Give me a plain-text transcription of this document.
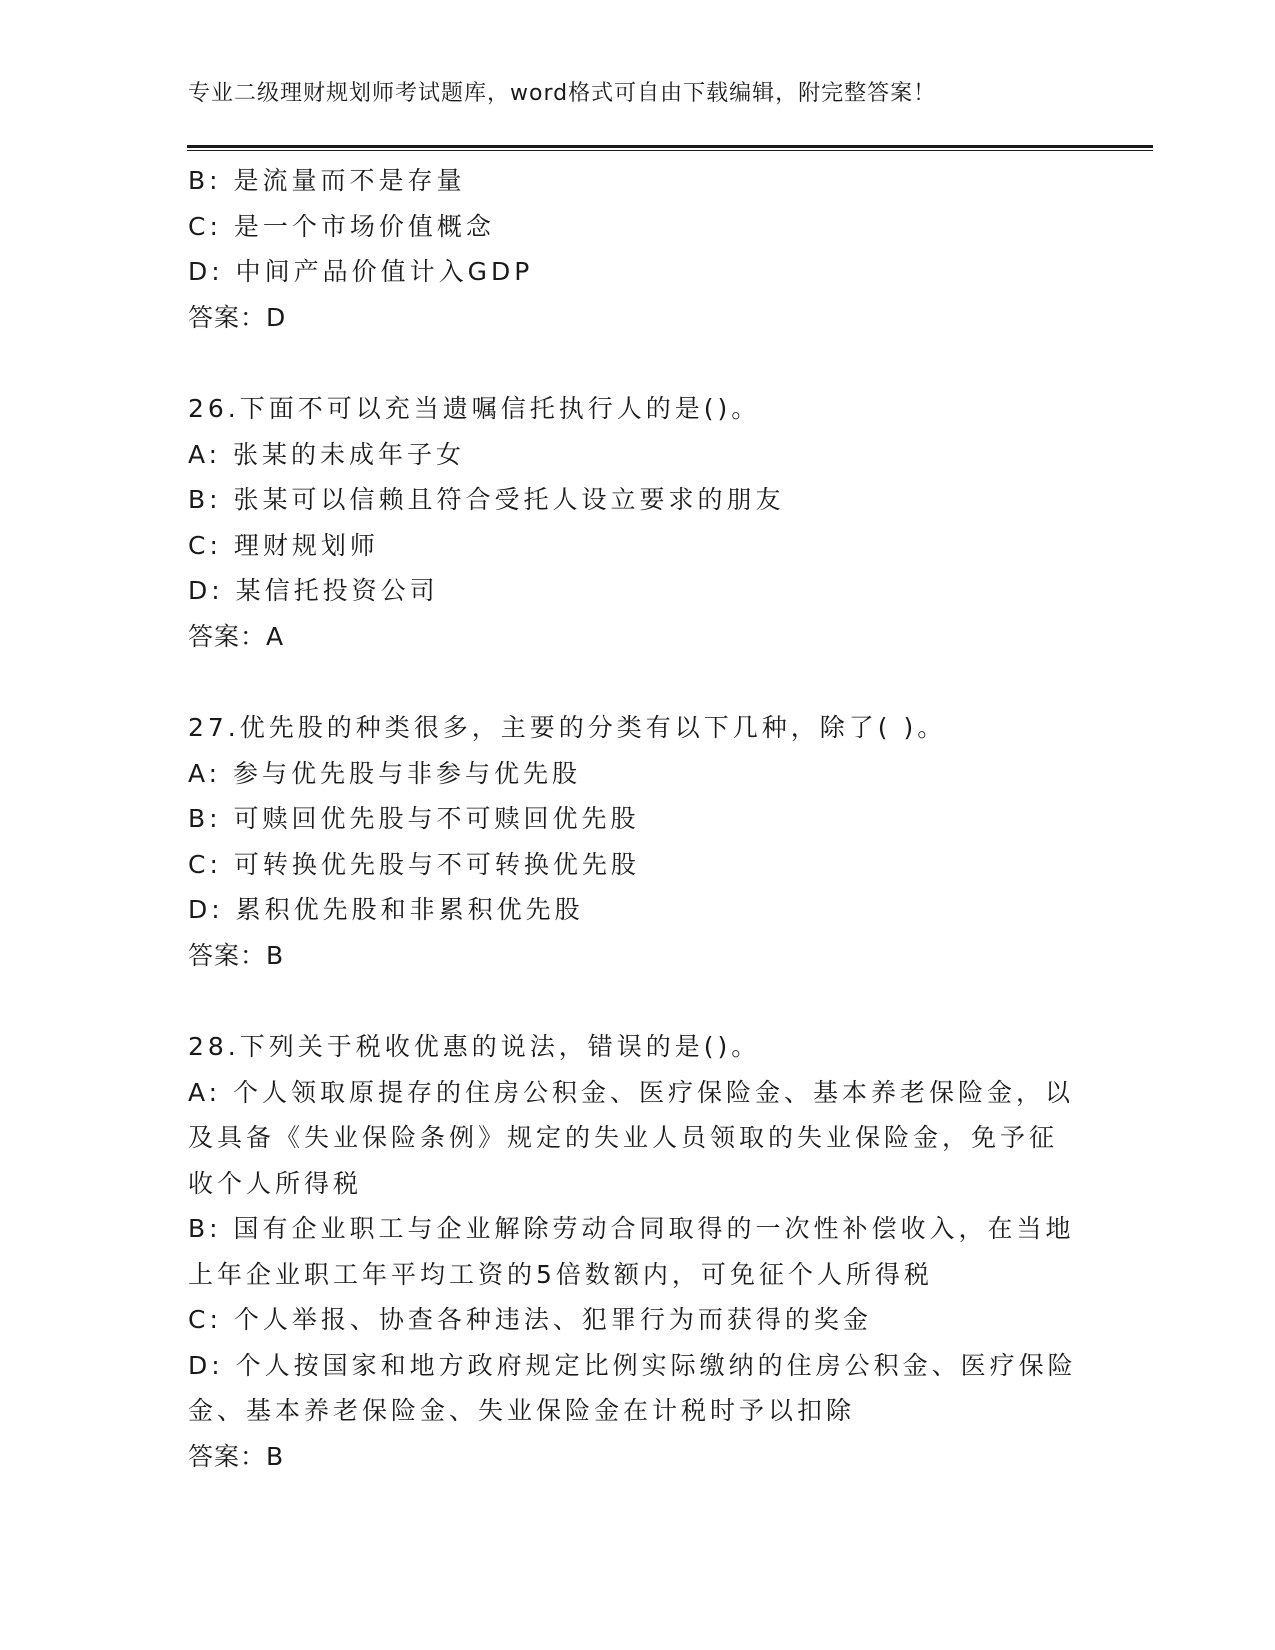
专业二级理财规划师考试题库，word格式可自由下载编辑，附完整答案！
B: 是流量而不是存量
C: 是一个市场价值概念
D: 中间产品价值计入GDP
答案：D
26.下面不可以充当遗嘱信托执行人的是()。
A: 张某的未成年子女
B: 张某可以信赖且符合受托人设立要求的朋友
C: 理财规划师
D: 某信托投资公司
答案：A
27.优先股的种类很多，主要的分类有以下几种，除了( )。
A: 参与优先股与非参与优先股
B: 可赎回优先股与不可赎回优先股
C: 可转换优先股与不可转换优先股
D: 累积优先股和非累积优先股
答案：B
28.下列关于税收优惠的说法，错误的是()。
A: 个人领取原提存的住房公积金、医疗保险金、基本养老保险金，以
及具备《失业保险条例》规定的失业人员领取的失业保险金，免予征
收个人所得税
B: 国有企业职工与企业解除劳动合同取得的一次性补偿收入，在当地
上年企业职工年平均工资的5倍数额内，可免征个人所得税
C: 个人举报、协查各种违法、犯罪行为而获得的奖金
D: 个人按国家和地方政府规定比例实际缴纳的住房公积金、医疗保险
金、基本养老保险金、失业保险金在计税时予以扣除
答案：B
